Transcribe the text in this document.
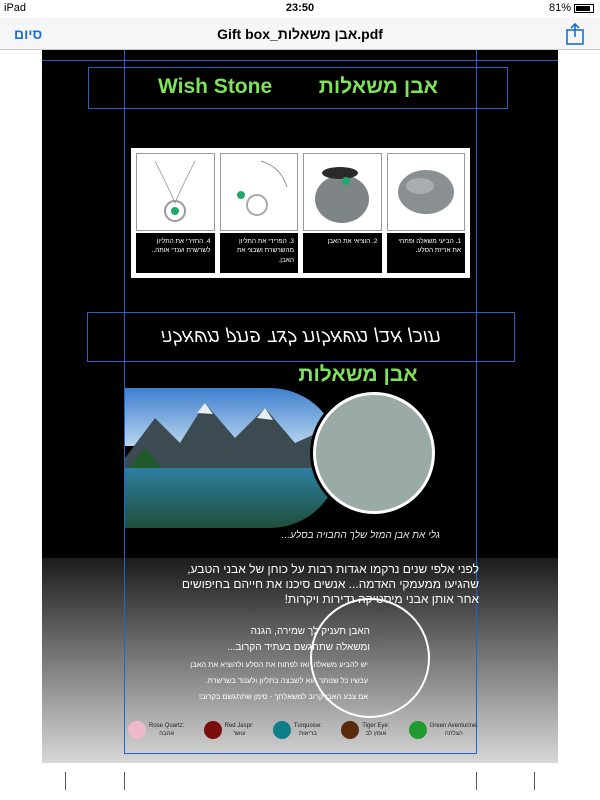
iPad	23:50	81%
סיום	Gift box_אבן משאלות.pdf
Wish Stone אבן משאלות
1. הביעי משאלה ופתחי את אריזת הסלע.
2. הוציאי את האבן
3. הפרידי את התליון מהשרשרת ושבצי את האבן.
4. החזירי את התליון לשרשרת וענדי אותה..
תוכן אבן משאלות לצד פתק משאלה
אבן משאלות
גלי את אבן המזל שלך החבויה בסלע...
לפני אלפי שנים נרקמו אגדות רבות על כוחן של אבני הטבע,
שהגיעו ממעמקי האדמה... אנשים סיכנו את חייהם בחיפושים
אחר אותן אבני מיסטיקה נדירות ויקרות!
האבן תעניק לך שמירה, הגנה
ומשאלה שתתגשם בעתיד הקרוב...
יש להביע משאלה, ואז לפתוח את הסלע ולהוציא את האבן
עכשיו כל שנותר הוא לשבצה בתליון ולענוד בשרשרת.
אם צבע האבן קרוב למשאלתך - סימן שתתגשם בקרוב!
Green Aventurine:
הצלחה
Tiger Eye:
אומץ לב
Turquoise:
בריאות
Red Jaspr:
עושר
Rose Quartz:
אהבה
